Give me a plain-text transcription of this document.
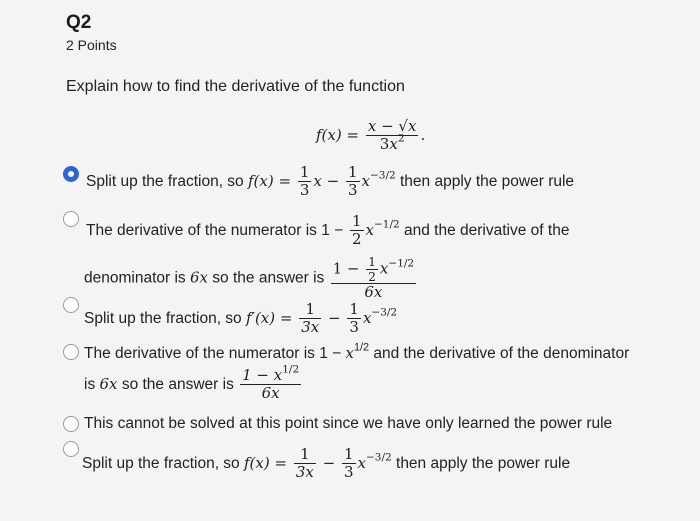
Q2
2 Points
Explain how to find the derivative of the function
$f(x) = \frac{x - √x}{3x^2}$ .
Split up the fraction, so $f(x) = \frac{1}{3}$ $x - \frac{1}{3} x^{-3/2}$ then apply the power rule
The derivative of the numerator is $1 - \frac{1}{2} x^{-1/2}$ and the derivative of the
denominator is 6x so the answer is $\frac{1 - \frac{1}{2} x^{-1/2}}{6x}$
Split up the fraction, so $f'(x) = \frac{1}{3x} - \frac{1}{3} x^{-3/2}$
The derivative of the numerator is $1 - x^{1/2}$ and the derivative of the denominator
is 6x so the answer is $\frac{1 - x^{1/2}}{6x}$
This cannot be solved at this point since we have only learned the power rule
Split up the fraction, so $f(x) = \frac{1}{3x} - \frac{1}{3} x^{-3/2}$ then apply the power rule
